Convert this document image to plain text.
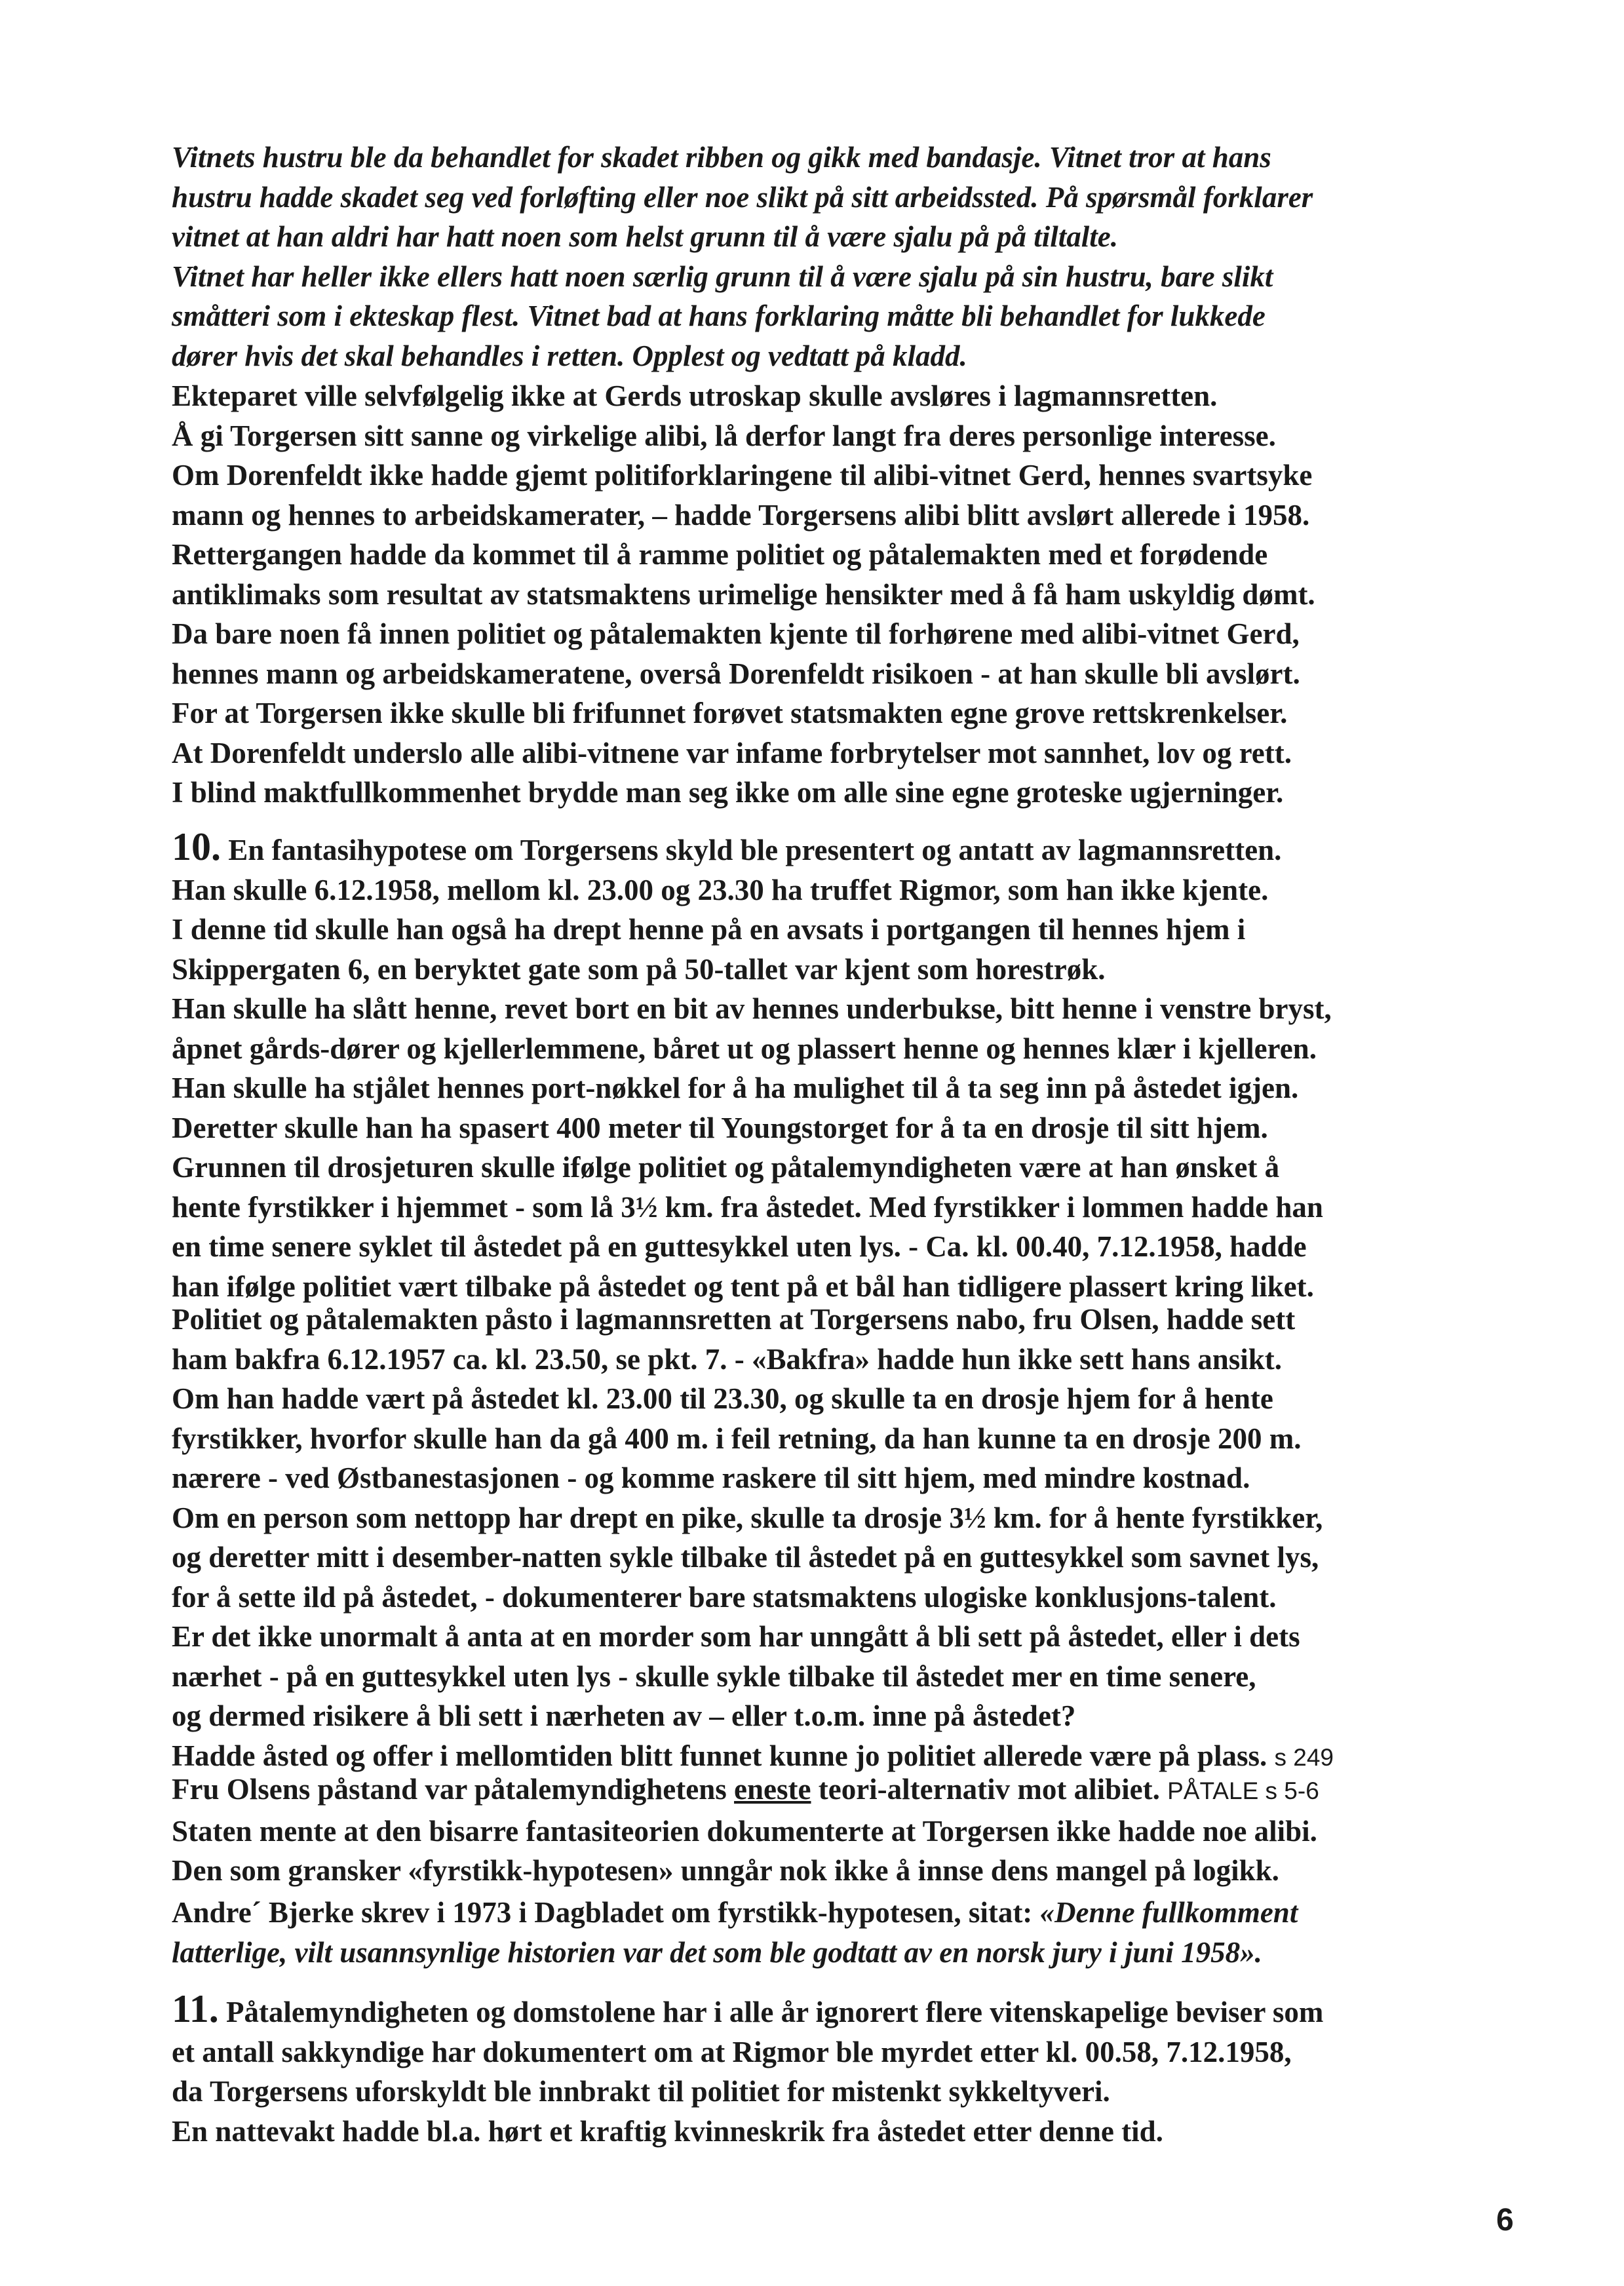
Vitnets hustru ble da behandlet for skadet ribben og gikk med bandasje. Vitnet tror at hans
hustru hadde skadet seg ved forløfting eller noe slikt på sitt arbeidssted. På spørsmål forklarer
vitnet at han aldri har hatt noen som helst grunn til å være sjalu på på tiltalte.
Vitnet har heller ikke ellers hatt noen særlig grunn til å være sjalu på sin hustru, bare slikt
småtteri som i ekteskap flest. Vitnet bad at hans forklaring måtte bli behandlet for lukkede
dører hvis det skal behandles i retten. Opplest og vedtatt på kladd.
Ekteparet ville selvfølgelig ikke at Gerds utroskap skulle avsløres i lagmannsretten.
Å gi Torgersen sitt sanne og virkelige alibi, lå derfor langt fra deres personlige interesse.
Om Dorenfeldt ikke hadde gjemt politiforklaringene til alibi-vitnet Gerd, hennes svartsyke
mann og hennes to arbeidskamerater, – hadde Torgersens alibi blitt avslørt allerede i 1958.
Rettergangen hadde da kommet til å ramme politiet og påtalemakten med et forødende
antiklimaks som resultat av statsmaktens urimelige hensikter med å få ham uskyldig dømt.
Da bare noen få innen politiet og påtalemakten kjente til forhørene med alibi-vitnet Gerd,
hennes mann og arbeidskameratene, overså Dorenfeldt risikoen - at han skulle bli avslørt.
For at Torgersen ikke skulle bli frifunnet forøvet statsmakten egne grove rettskrenkelser.
At Dorenfeldt underslo alle alibi-vitnene var infame forbrytelser mot sannhet, lov og rett.
I blind maktfullkommenhet brydde man seg ikke om alle sine egne groteske ugjerninger.
10. En fantasihypotese om Torgersens skyld ble presentert og antatt av lagmannsretten.
Han skulle 6.12.1958, mellom kl. 23.00 og 23.30 ha truffet Rigmor, som han ikke kjente.
I denne tid skulle han også ha drept henne på en avsats i portgangen til hennes hjem i
Skippergaten 6, en beryktet gate som på 50-tallet var kjent som horestrøk.
Han skulle ha slått henne, revet bort en bit av hennes underbukse, bitt henne i venstre bryst,
åpnet gårds-dører og kjellerlemmene, båret ut og plassert henne og hennes klær i kjelleren.
Han skulle ha stjålet hennes port-nøkkel for å ha mulighet til å ta seg inn på åstedet igjen.
Deretter skulle han ha spasert 400 meter til Youngstorget for å ta en drosje til sitt hjem.
Grunnen til drosjeturen skulle ifølge politiet og påtalemyndigheten være at han ønsket å
hente fyrstikker i hjemmet - som lå 3½ km. fra åstedet. Med fyrstikker i lommen hadde han
en time senere syklet til åstedet på en guttesykkel uten lys. - Ca. kl. 00.40, 7.12.1958, hadde
han ifølge politiet vært tilbake på åstedet og tent på et bål han tidligere plassert kring liket.
Politiet og påtalemakten påsto i lagmannsretten at Torgersens nabo, fru Olsen, hadde sett
ham bakfra 6.12.1957 ca. kl. 23.50, se pkt. 7. - «Bakfra» hadde hun ikke sett hans ansikt.
Om han hadde vært på åstedet kl. 23.00 til 23.30, og skulle ta en drosje hjem for å hente
fyrstikker, hvorfor skulle han da gå 400 m. i feil retning, da han kunne ta en drosje 200 m.
nærere - ved Østbanestasjonen - og komme raskere til sitt hjem, med mindre kostnad.
Om en person som nettopp har drept en pike, skulle ta drosje 3½ km. for å hente fyrstikker,
og deretter mitt i desember-natten sykle tilbake til åstedet på en guttesykkel som savnet lys,
for å sette ild på åstedet, - dokumenterer bare statsmaktens ulogiske konklusjons-talent.
Er det ikke unormalt å anta at en morder som har unngått å bli sett på åstedet, eller i dets
nærhet - på en guttesykkel uten lys - skulle sykle tilbake til åstedet mer en time senere,
og dermed risikere å bli sett i nærheten av – eller t.o.m. inne på åstedet?
Hadde åsted og offer i mellomtiden blitt funnet kunne jo politiet allerede være på plass. s 249
Fru Olsens påstand var påtalemyndighetens eneste teori-alternativ mot alibiet. PÅTALE s 5-6
Staten mente at den bisarre fantasiteorien dokumenterte at Torgersen ikke hadde noe alibi.
Den som gransker «fyrstikk-hypotesen» unngår nok ikke å innse dens mangel på logikk.
Andre´ Bjerke skrev i 1973 i Dagbladet om fyrstikk-hypotesen, sitat: «Denne fullkomment
latterlige, vilt usannsynlige historien var det som ble godtatt av en norsk jury i juni 1958».
11. Påtalemyndigheten og domstolene har i alle år ignorert flere vitenskapelige beviser som
et antall sakkyndige har dokumentert om at Rigmor ble myrdet etter kl. 00.58, 7.12.1958,
da Torgersens uforskyldt ble innbrakt til politiet for mistenkt sykkeltyveri.
En nattevakt hadde bl.a. hørt et kraftig kvinneskrik fra åstedet etter denne tid.
6
